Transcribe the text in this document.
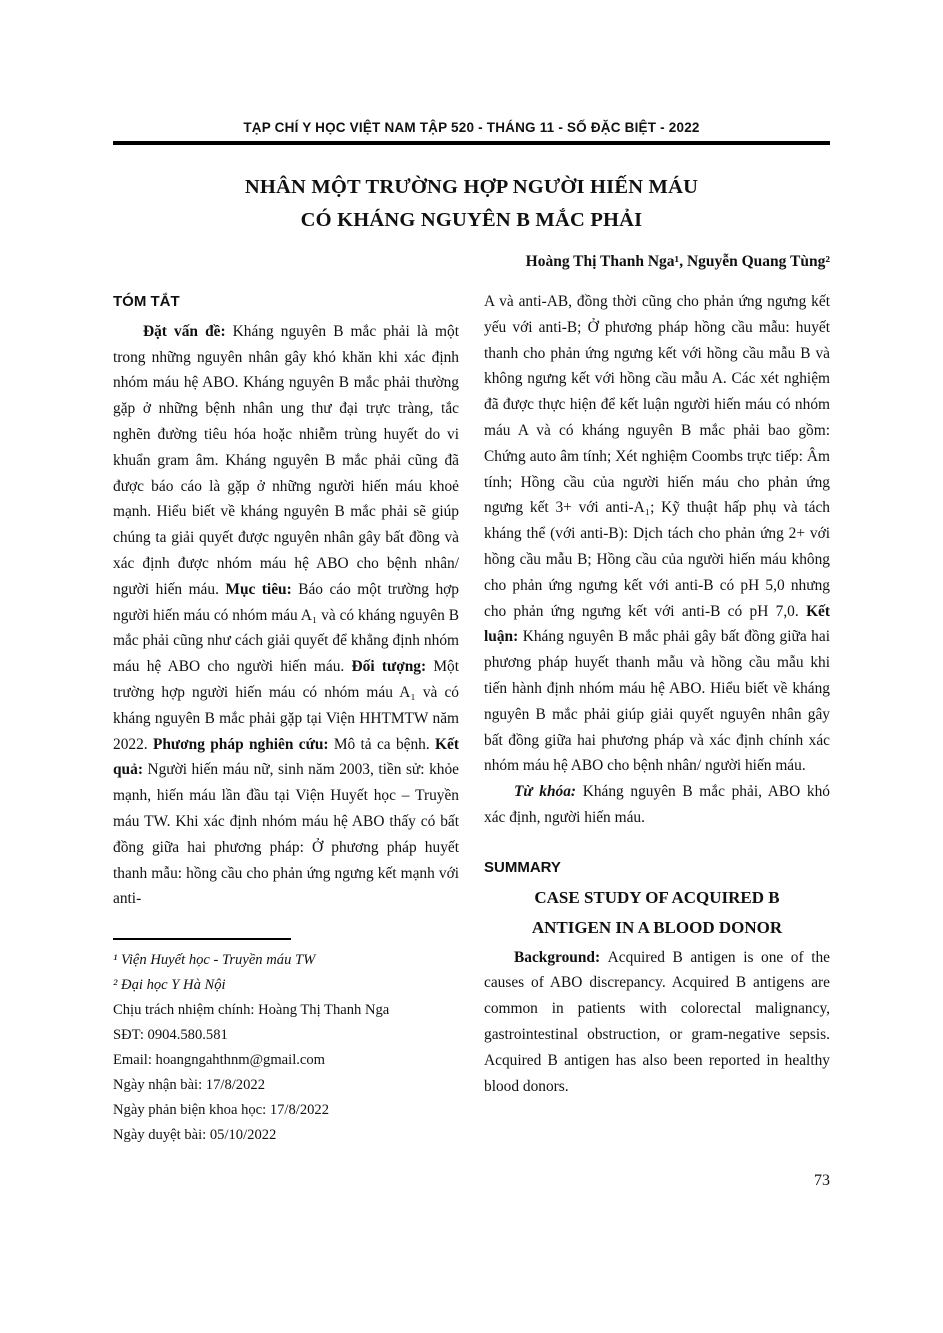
TẠP CHÍ Y HỌC VIỆT NAM TẬP 520 - THÁNG 11 - SỐ ĐẶC BIỆT - 2022
NHÂN MỘT TRƯỜNG HỢP NGƯỜI HIẾN MÁU
CÓ KHÁNG NGUYÊN B MẮC PHẢI
Hoàng Thị Thanh Nga¹, Nguyễn Quang Tùng²
TÓM TẮT

Đặt vấn đề: Kháng nguyên B mắc phải là một trong những nguyên nhân gây khó khăn khi xác định nhóm máu hệ ABO. Kháng nguyên B mắc phải thường gặp ở những bệnh nhân ung thư đại trực tràng, tắc nghẽn đường tiêu hóa hoặc nhiễm trùng huyết do vi khuẩn gram âm. Kháng nguyên B mắc phải cũng đã được báo cáo là gặp ở những người hiến máu khoẻ mạnh. Hiểu biết về kháng nguyên B mắc phải sẽ giúp chúng ta giải quyết được nguyên nhân gây bất đồng và xác định được nhóm máu hệ ABO cho bệnh nhân/ người hiến máu. Mục tiêu: Báo cáo một trường hợp người hiến máu có nhóm máu A₁ và có kháng nguyên B mắc phải cũng như cách giải quyết để khẳng định nhóm máu hệ ABO cho người hiến máu. Đối tượng: Một trường hợp người hiến máu có nhóm máu A₁ và có kháng nguyên B mắc phải gặp tại Viện HHTMTW năm 2022. Phương pháp nghiên cứu: Mô tả ca bệnh. Kết quả: Người hiến máu nữ, sinh năm 2003, tiền sử: khỏe mạnh, hiến máu lần đầu tại Viện Huyết học – Truyền máu TW. Khi xác định nhóm máu hệ ABO thấy có bất đồng giữa hai phương pháp: Ở phương pháp huyết thanh mẫu: hồng cầu cho phản ứng ngưng kết mạnh với anti-

A và anti-AB, đồng thời cũng cho phản ứng ngưng kết yếu với anti-B; Ở phương pháp hồng cầu mẫu: huyết thanh cho phản ứng ngưng kết với hồng cầu mẫu B và không ngưng kết với hồng cầu mẫu A. Các xét nghiệm đã được thực hiện để kết luận người hiến máu có nhóm máu A và có kháng nguyên B mắc phải bao gồm: Chứng auto âm tính; Xét nghiệm Coombs trực tiếp: Âm tính; Hồng cầu của người hiến máu cho phản ứng ngưng kết 3+ với anti-A₁; Kỹ thuật hấp phụ và tách kháng thể (với anti-B): Dịch tách cho phản ứng 2+ với hồng cầu mẫu B; Hồng cầu của người hiến máu không cho phản ứng ngưng kết với anti-B có pH 5,0 nhưng cho phản ứng ngưng kết với anti-B có pH 7,0. Kết luận: Kháng nguyên B mắc phải gây bất đồng giữa hai phương pháp huyết thanh mẫu và hồng cầu mẫu khi tiến hành định nhóm máu hệ ABO. Hiểu biết về kháng nguyên B mắc phải giúp giải quyết nguyên nhân gây bất đồng giữa hai phương pháp và xác định chính xác nhóm máu hệ ABO cho bệnh nhân/ người hiến máu.

Từ khóa: Kháng nguyên B mắc phải, ABO khó xác định, người hiến máu.

SUMMARY
CASE STUDY OF ACQUIRED B
ANTIGEN IN A BLOOD DONOR

Background: Acquired B antigen is one of the causes of ABO discrepancy. Acquired B antigens are common in patients with colorectal malignancy, gastrointestinal obstruction, or gram-negative sepsis. Acquired B antigen has also been reported in healthy blood donors.

¹ Viện Huyết học - Truyền máu TW
² Đại học Y Hà Nội
Chịu trách nhiệm chính: Hoàng Thị Thanh Nga
SĐT: 0904.580.581
Email: hoangngahthnm@gmail.com
Ngày nhận bài: 17/8/2022
Ngày phản biện khoa học: 17/8/2022
Ngày duyệt bài: 05/10/2022
73
